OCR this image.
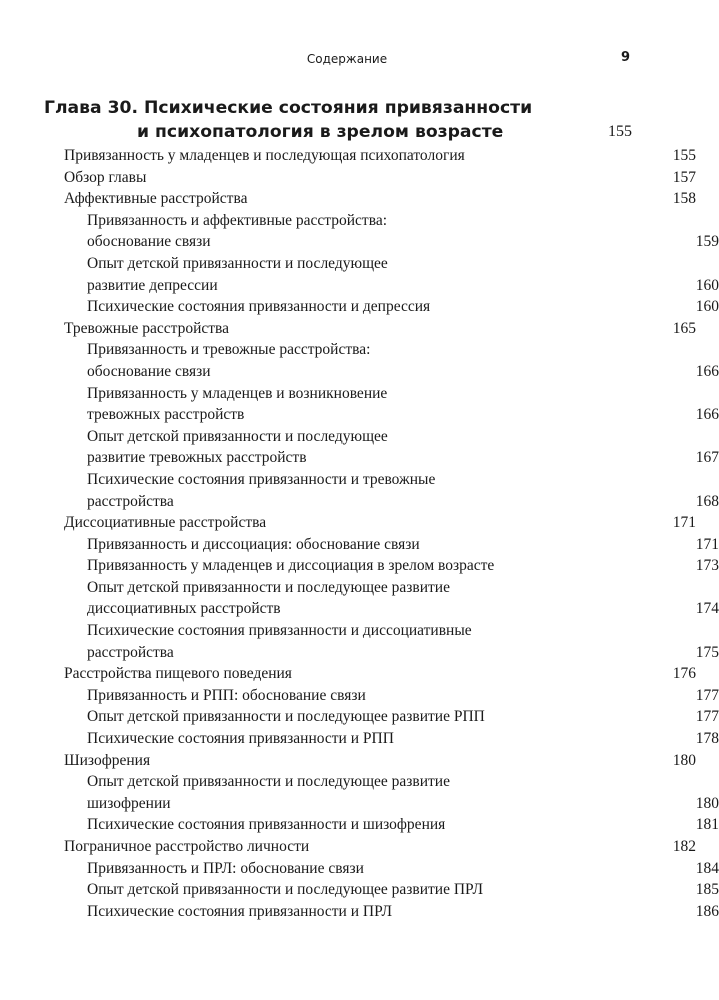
Содержание	9
Глава 30. Психические состояния привязанности
и психопатология в зрелом возрасте	155
Привязанность у младенцев и последующая психопатология	155
Обзор главы	157
Аффективные расстройства	158
Привязанность и аффективные расстройства:
обоснование связи	159
Опыт детской привязанности и последующее
развитие депрессии	160
Психические состояния привязанности и депрессия	160
Тревожные расстройства	165
Привязанность и тревожные расстройства:
обоснование связи	166
Привязанность у младенцев и возникновение
тревожных расстройств	166
Опыт детской привязанности и последующее
развитие тревожных расстройств	167
Психические состояния привязанности и тревожные
расстройства	168
Диссоциативные расстройства	171
Привязанность и диссоциация: обоснование связи	171
Привязанность у младенцев и диссоциация в зрелом возрасте	173
Опыт детской привязанности и последующее развитие
диссоциативных расстройств	174
Психические состояния привязанности и диссоциативные
расстройства	175
Расстройства пищевого поведения	176
Привязанность и РПП: обоснование связи	177
Опыт детской привязанности и последующее развитие РПП	177
Психические состояния привязанности и РПП	178
Шизофрения	180
Опыт детской привязанности и последующее развитие
шизофрении	180
Психические состояния привязанности и шизофрения	181
Пограничное расстройство личности	182
Привязанность и ПРЛ: обоснование связи	184
Опыт детской привязанности и последующее развитие ПРЛ	185
Психические состояния привязанности и ПРЛ	186
